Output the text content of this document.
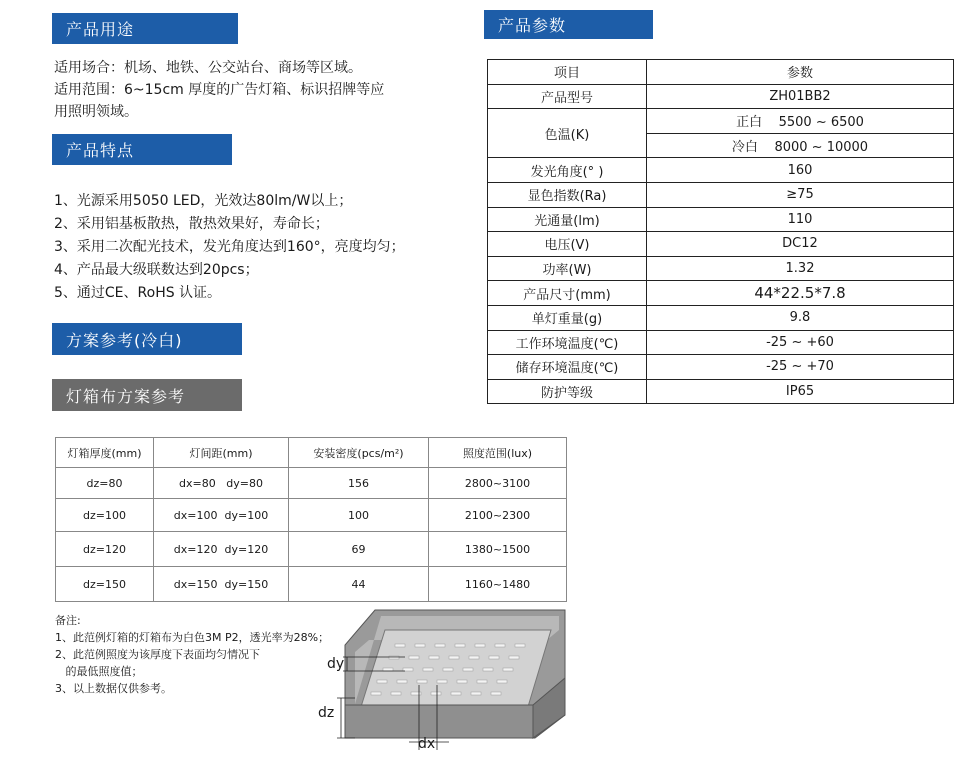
产品用途	产品参数
适用场合：机场、地铁、公交站台、商场等区域。
适用范围：6~15cm 厚度的广告灯箱、标识招牌等应
用照明领域。
产品特点
1、光源采用5050 LED，光效达80lm/W以上；
2、采用铝基板散热，散热效果好，寿命长；
3、采用二次配光技术，发光角度达到160°，亮度均匀；
4、产品最大级联数达到20pcs；
5、通过CE、RoHS 认证。
方案参考(冷白)
灯箱布方案参考
项目	参数
产品型号	ZH01BB2
色温(K)	正白 5500 ~ 6500
	冷白 8000 ~ 10000
发光角度(° )	160
显色指数(Ra)	≥75
光通量(lm)	110
电压(V)	DC12
功率(W)	1.32
产品尺寸(mm)	44*22.5*7.8
单灯重量(g)	9.8
工作环境温度(℃)	-25 ~ +60
储存环境温度(℃)	-25 ~ +70
防护等级	IP65
灯箱厚度(mm)	灯间距(mm)	安装密度(pcs/m²)	照度范围(lux)
dz=80	dx=80   dy=80	156	2800~3100
dz=100	dx=100  dy=100	100	2100~2300
dz=120	dx=120  dy=120	69	1380~1500
dz=150	dx=150  dy=150	44	1160~1480
备注:
1、此范例灯箱的灯箱布为白色3M P2，透光率为28%；
2、此范例照度为该厚度下表面均匀情况下
的最低照度值；
3、以上数据仅供参考。
dy
dz
dx
